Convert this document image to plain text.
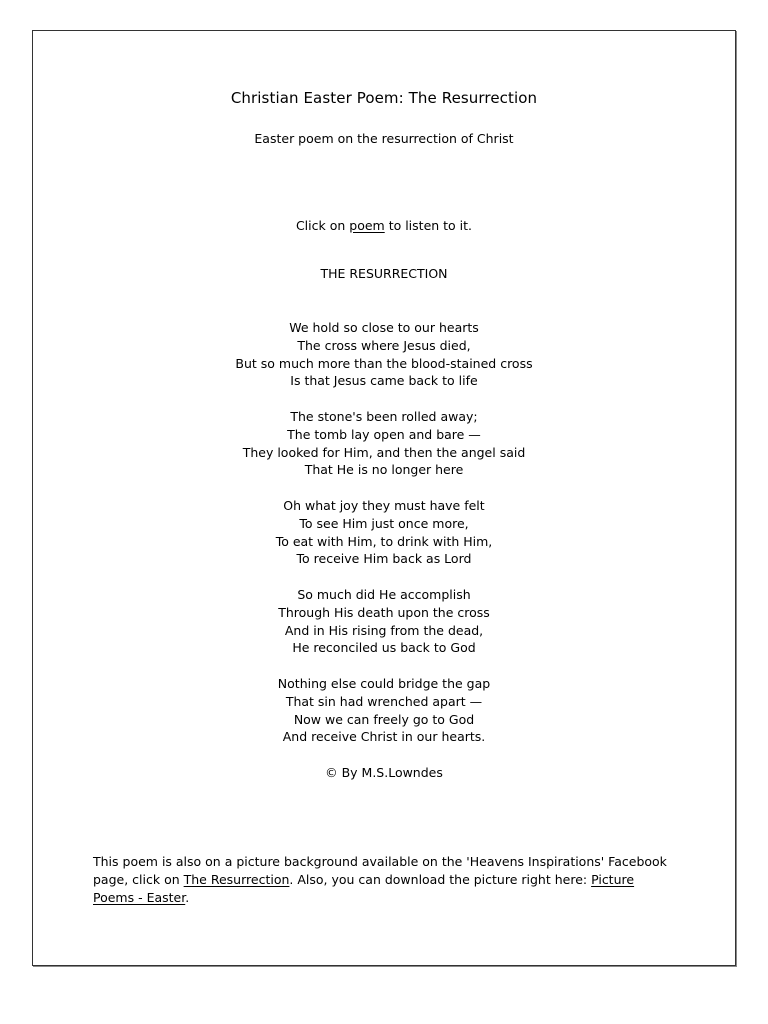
Christian Easter Poem: The Resurrection
Easter poem on the resurrection of Christ
Click on poem to listen to it.
THE RESURRECTION
We hold so close to our hearts
The cross where Jesus died,
But so much more than the blood-stained cross
Is that Jesus came back to life
The stone's been rolled away;
The tomb lay open and bare —
They looked for Him, and then the angel said
That He is no longer here
Oh what joy they must have felt
To see Him just once more,
To eat with Him, to drink with Him,
To receive Him back as Lord
So much did He accomplish
Through His death upon the cross
And in His rising from the dead,
He reconciled us back to God
Nothing else could bridge the gap
That sin had wrenched apart —
Now we can freely go to God
And receive Christ in our hearts.
© By M.S.Lowndes
This poem is also on a picture background available on the 'Heavens Inspirations' Facebook page, click on The Resurrection. Also, you can download the picture right here: Picture Poems - Easter.
